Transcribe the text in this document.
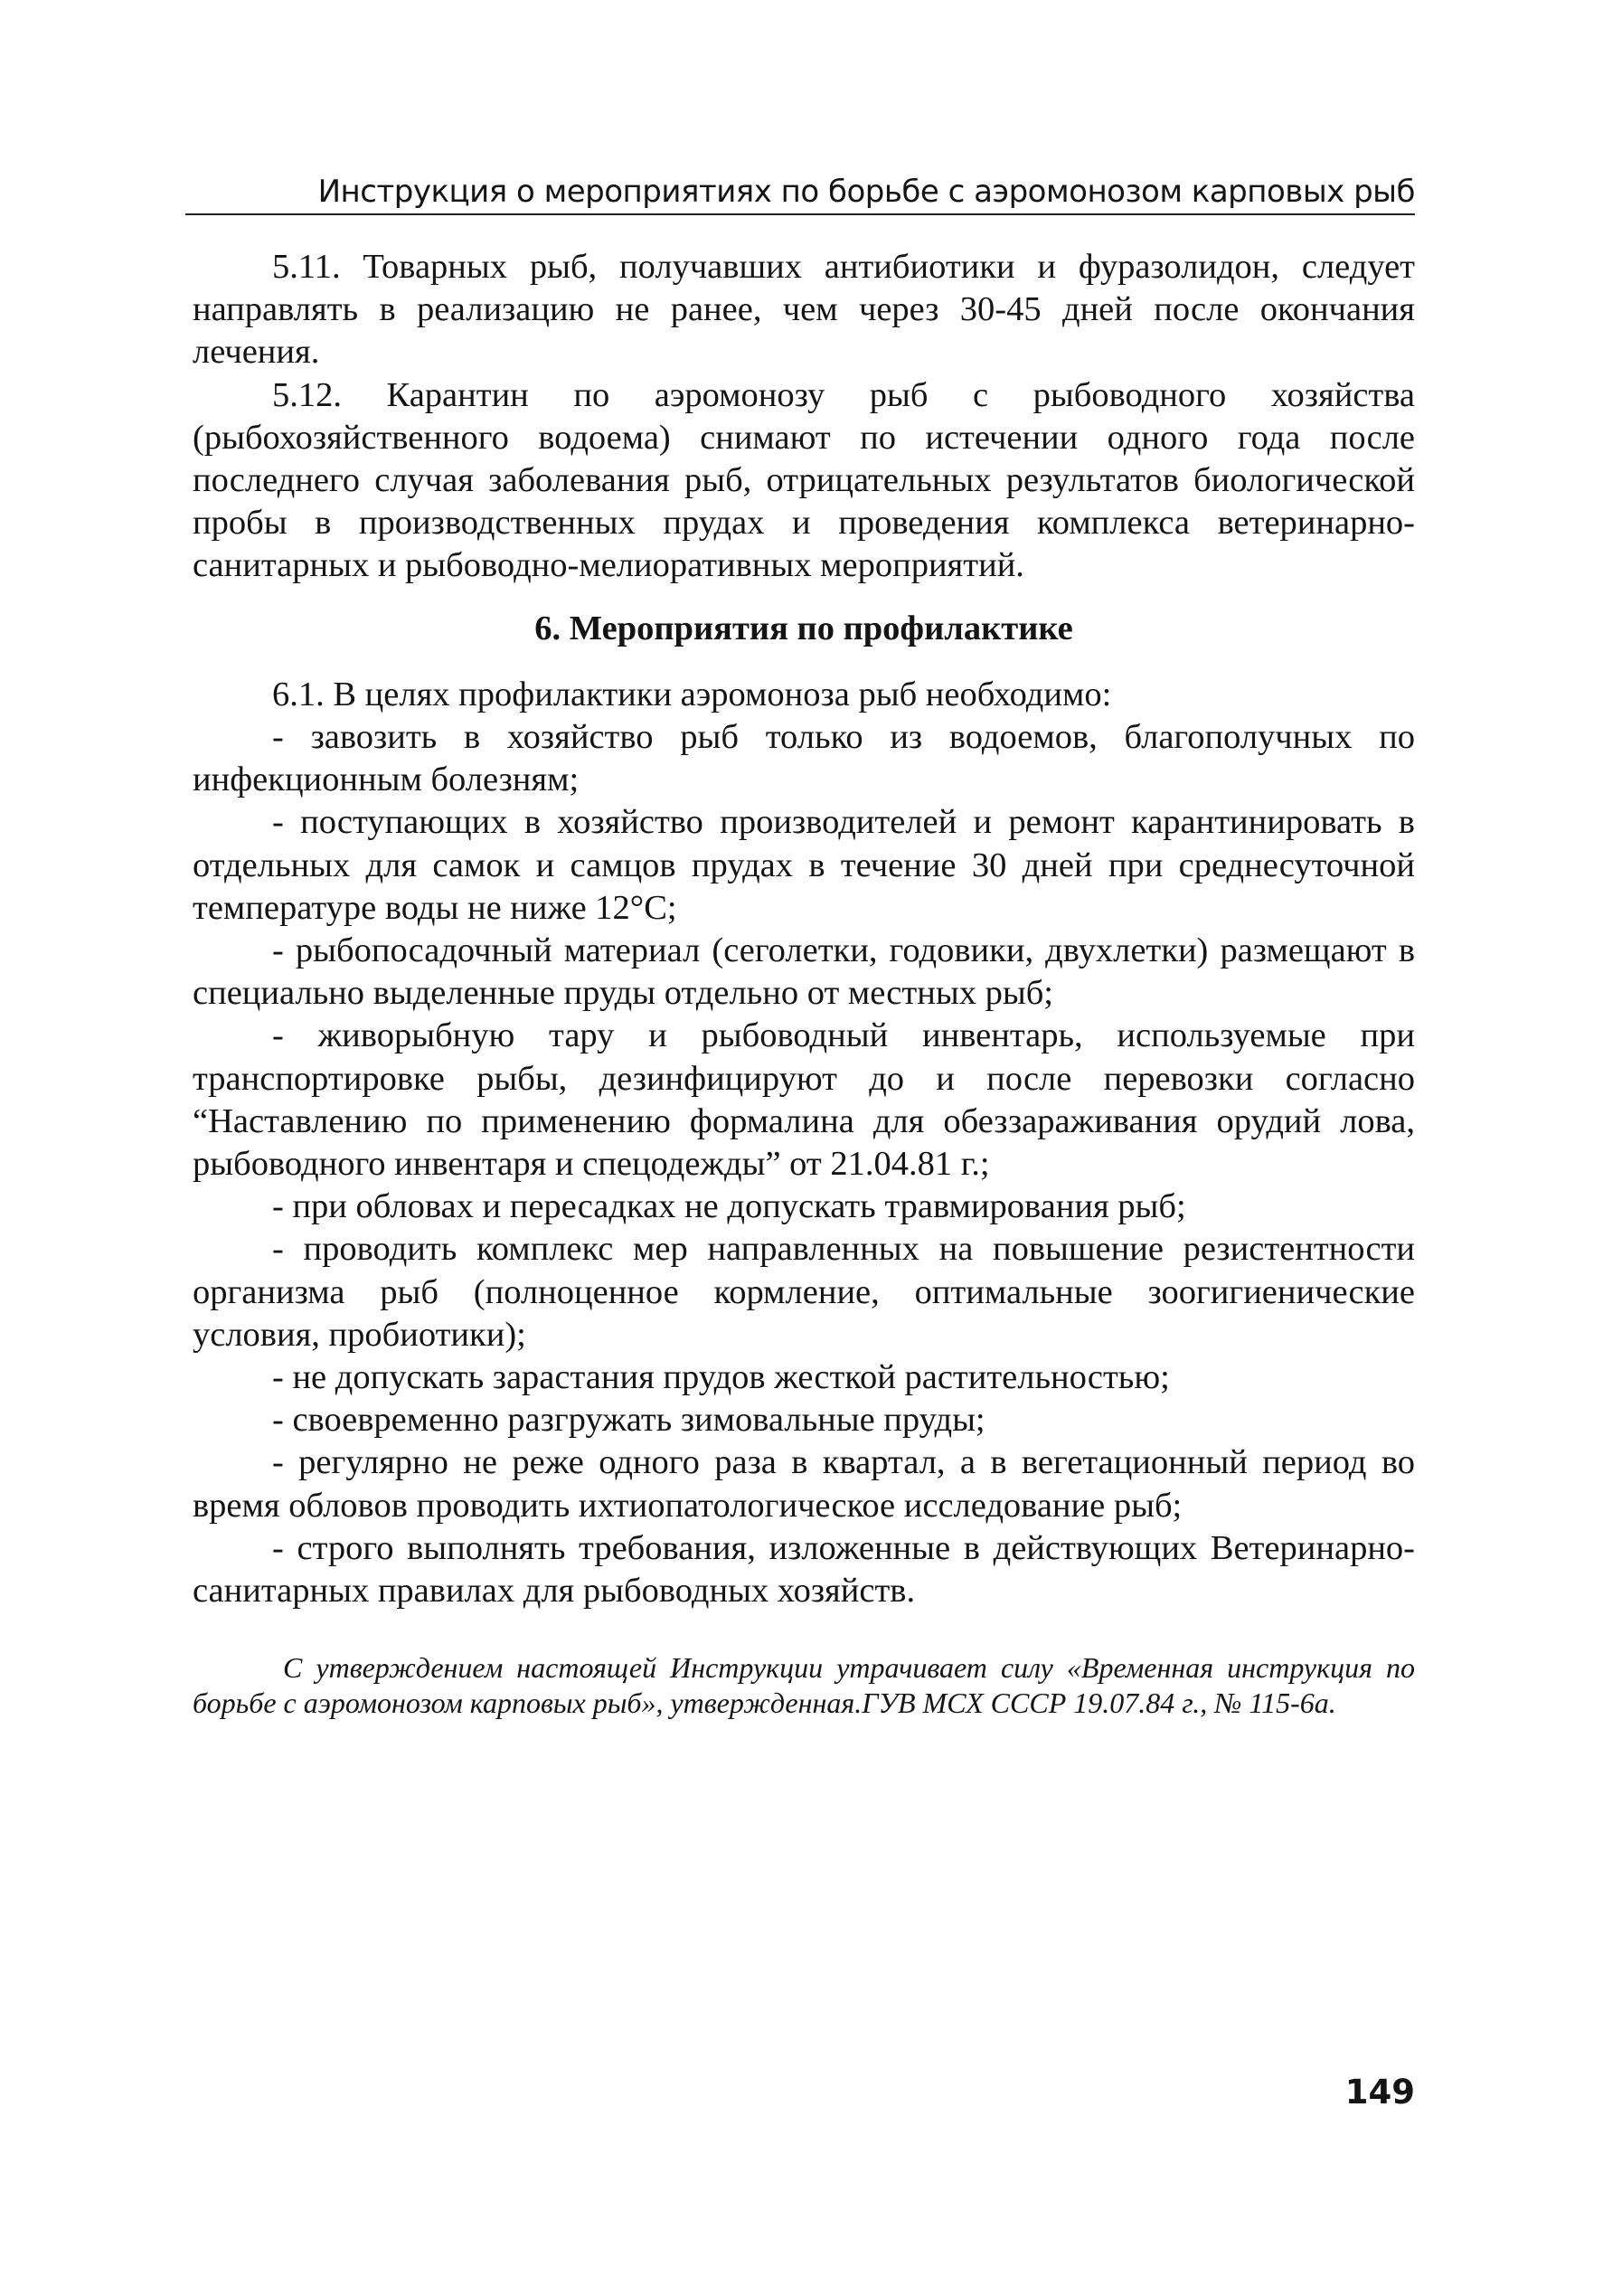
Инструкция о мероприятиях по борьбе с аэромонозом карповых рыб

5.11. Товарных рыб, получавших антибиотики и фуразолидон, следует направлять в реализацию не ранее, чем через 30-45 дней после окончания лечения.

5.12. Карантин по аэромонозу рыб с рыбоводного хозяйства (рыбохозяйственного водоема) снимают по истечении одного года после последнего случая заболевания рыб, отрицательных результатов биологической пробы в производственных прудах и проведения комплекса ветеринарно-санитарных и рыбоводно-мелиоративных мероприятий.

6. Мероприятия по профилактике

6.1. В целях профилактики аэромоноза рыб необходимо:

- завозить в хозяйство рыб только из водоемов, благополучных по инфекционным болезням;

- поступающих в хозяйство производителей и ремонт карантинировать в отдельных для самок и самцов прудах в течение 30 дней при среднесуточной температуре воды не ниже 12°С;

- рыбопосадочный материал (сеголетки, годовики, двухлетки) размещают в специально выделенные пруды отдельно от местных рыб;

- живорыбную тару и рыбоводный инвентарь, используемые при транспортировке рыбы, дезинфицируют до и после перевозки согласно “Наставлению по применению формалина для обеззараживания орудий лова, рыбоводного инвентаря и спецодежды” от 21.04.81 г.;

- при обловах и пересадках не допускать травмирования рыб;

- проводить комплекс мер направленных на повышение резистентности организма рыб (полноценное кормление, оптимальные зоогигиенические условия, пробиотики);

- не допускать зарастания прудов жесткой растительностью;

- своевременно разгружать зимовальные пруды;

- регулярно не реже одного раза в квартал, а в вегетационный период во время обловов проводить ихтиопатологическое исследование рыб;

- строго выполнять требования, изложенные в действующих Ветеринарно-санитарных правилах для рыбоводных хозяйств.

С утверждением настоящей Инструкции утрачивает силу «Временная инструкция по борьбе с аэромонозом карповых рыб», утвержденная.ГУВ МСХ СССР 19.07.84 г., № 115-6а.

149
